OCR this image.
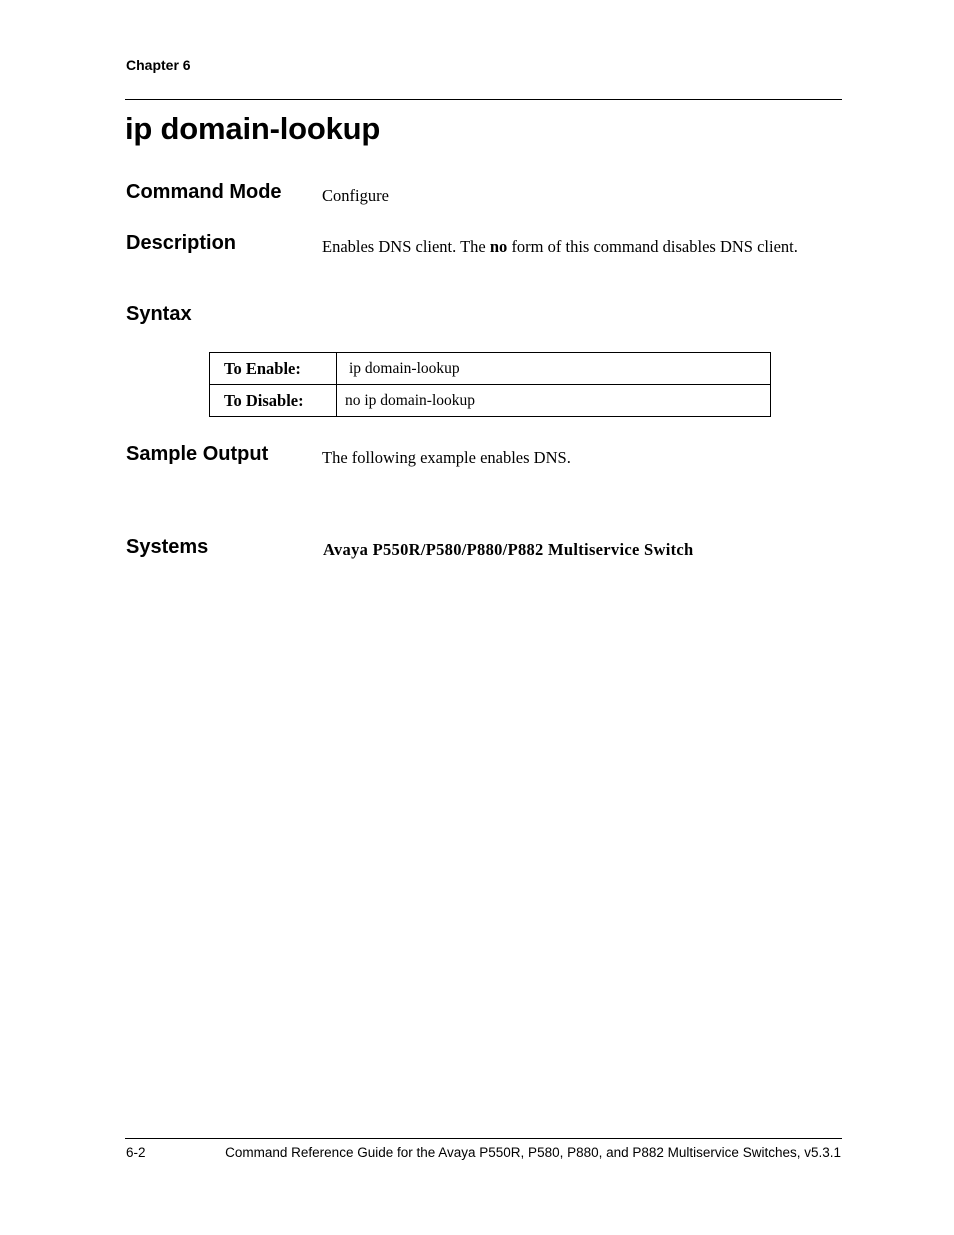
Chapter 6
ip domain-lookup
Command Mode Configure

Description	Enables DNS client. The no form of this command disables DNS client.

Syntax
To Enable:	ip domain-lookup
To Disable:	no ip domain-lookup
Sample Output	The following example enables DNS.

Systems	Avaya P550R/P580/P880/P882 Multiservice Switch

6-2	Command Reference Guide for the Avaya P550R, P580, P880, and P882 Multiservice Switches, v5.3.1
